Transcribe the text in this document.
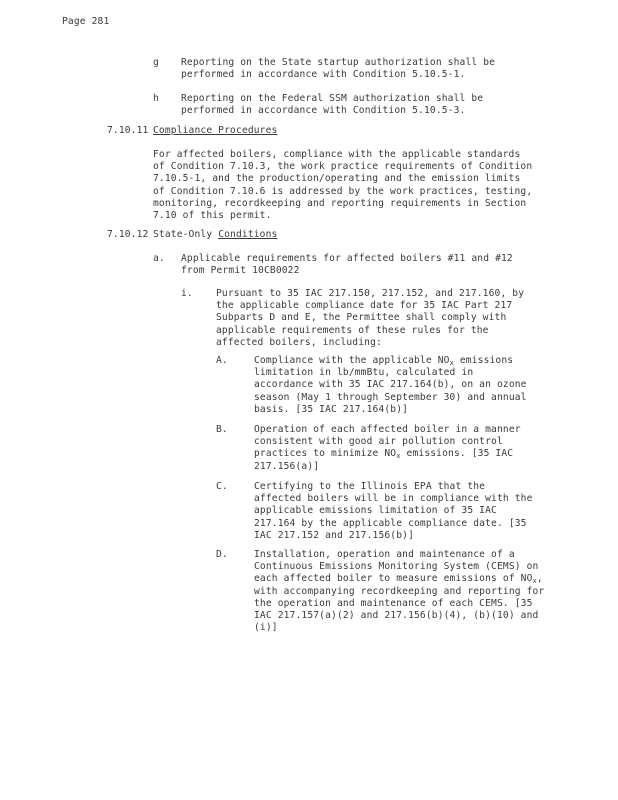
Page 281
g Reporting on the State startup authorization shall be
performed in accordance with Condition 5.10.5-1.
h Reporting on the Federal SSM authorization shall be
performed in accordance with Condition 5.10.5-3.
7.10.11 Compliance Procedures
For affected boilers, compliance with the applicable standards
of Condition 7.10.3, the work practice requirements of Condition
7.10.5-1, and the production/operating and the emission limits
of Condition 7.10.6 is addressed by the work practices, testing,
monitoring, recordkeeping and reporting requirements in Section
7.10 of this permit.
7.10.12 State-Only Conditions
a. Applicable requirements for affected boilers #11 and #12
from Permit 10CB0022
i. Pursuant to 35 IAC 217.150, 217.152, and 217.160, by
the applicable compliance date for 35 IAC Part 217
Subparts D and E, the Permittee shall comply with
applicable requirements of these rules for the
affected boilers, including:
A.	Compliance with the applicable $NO_x$ emissions
limitation in lb/mmBtu, calculated in
accordance with 35 IAC 217.164(b), on an ozone
season (May 1 through September 30) and annual
basis. [35 IAC 217.164(b)]
B.	Operation of each affected boiler in a manner
consistent with good air pollution control
practices to minimize $NO_x$ emissions. [35 IAC
217.156(a)]
C.	Certifying to the Illinois EPA that the
affected boilers will be in compliance with the
applicable emissions limitation of 35 IAC
217.164 by the applicable compliance date. [35
IAC 217.152 and 217.156(b)]
D.	Installation, operation and maintenance of a
Continuous Emissions Monitoring System (CEMS) on
each affected boiler to measure emissions of $NO_x$,
with accompanying recordkeeping and reporting for
the operation and maintenance of each CEMS. [35
IAC 217.157(a)(2) and 217.156(b)(4), (b)(10) and
(i)]
